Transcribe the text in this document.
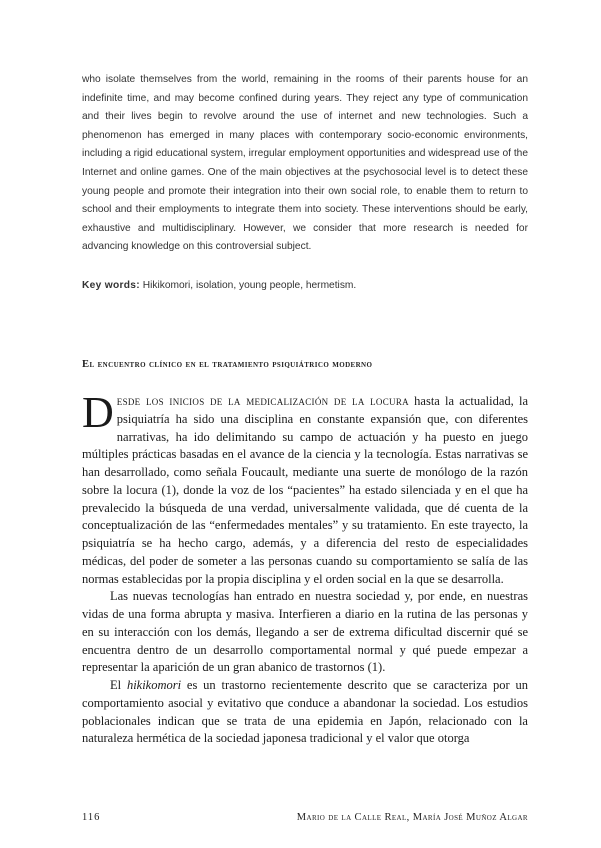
who isolate themselves from the world, remaining in the rooms of their parents house for an indefinite time, and may become confined during years. They reject any type of communication and their lives begin to revolve around the use of internet and new technologies. Such a phenomenon has emerged in many places with contemporary socio-economic environments, including a rigid educational system, irregular employment opportunities and widespread use of the Internet and online games. One of the main objectives at the psychosocial level is to detect these young people and promote their integration into their own social role, to enable them to return to school and their employments to integrate them into society. These interventions should be early, exhaustive and multidisciplinary. However, we consider that more research is needed for advancing knowledge on this controversial subject.

Key words: Hikikomori, isolation, young people, hermetism.

El encuentro clínico en el tratamiento psiquiátrico moderno

Desde los inicios de la medicalización de la locura hasta la actualidad, la psiquiatría ha sido una disciplina en constante expansión que, con diferentes narrativas, ha ido delimitando su campo de actuación y ha puesto en juego múltiples prácticas basadas en el avance de la ciencia y la tecnología. Estas narrativas se han desarrollado, como señala Foucault, mediante una suerte de monólogo de la razón sobre la locura (1), donde la voz de los “pacientes” ha estado silenciada y en el que ha prevalecido la búsqueda de una verdad, universalmente validada, que dé cuenta de la conceptualización de las “enfermedades mentales” y su tratamiento. En este trayecto, la psiquiatría se ha hecho cargo, además, y a diferencia del resto de especialidades médicas, del poder de someter a las personas cuando su comportamiento se salía de las normas establecidas por la propia disciplina y el orden social en la que se desarrolla.

Las nuevas tecnologías han entrado en nuestra sociedad y, por ende, en nuestras vidas de una forma abrupta y masiva. Interfieren a diario en la rutina de las personas y en su interacción con los demás, llegando a ser de extrema dificultad discernir qué se encuentra dentro de un desarrollo comportamental normal y qué puede empezar a representar la aparición de un gran abanico de trastornos (1).

El hikikomori es un trastorno recientemente descrito que se caracteriza por un comportamiento asocial y evitativo que conduce a abandonar la sociedad. Los estudios poblacionales indican que se trata de una epidemia en Japón, relacionado con la naturaleza hermética de la sociedad japonesa tradicional y el valor que otorga

116	Mario de la Calle Real, María José Muñoz Algar
